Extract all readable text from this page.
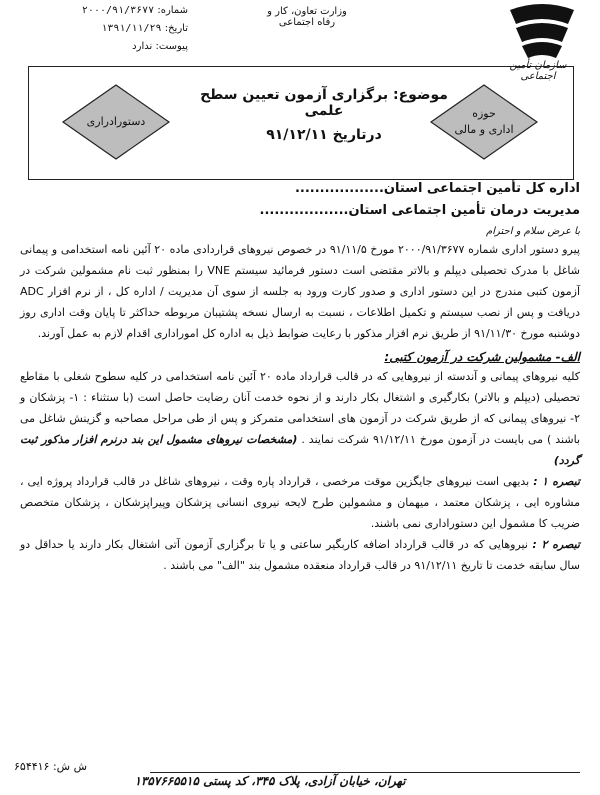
شماره: ۲۰۰۰/۹۱/۳۶۷۷
تاریخ: ۱۳۹۱/۱۱/۲۹
پیوست: ندارد
وزارت تعاون، کار و رفاه اجتماعی
سازمان تأمین اجتماعی
دستورادراری
موضوع: برگزاری آزمون تعیین سطح علمی
درتاریخ ۹۱/۱۲/۱۱
حوزه
اداری و مالی

اداره کل تأمین اجتماعی استان..................

مدیریت درمان تأمین اجتماعی استان..................

با عرض سلام و احترام

پیرو دستور اداری شماره ۲۰۰۰/۹۱/۳۶۷۷ مورخ ۹۱/۱۱/۵ در خصوص نیروهای قراردادی ماده ۲۰ آئین نامه استخدامی و پیمانی شاغل با مدرک تحصیلی دیپلم و بالاتر مقتضی است دستور فرمائید سیستم VNE را بمنظور ثبت نام مشمولین شرکت در آزمون کتبی مندرج در این دستور اداری و صدور کارت ورود به جلسه از سوی آن مدیریت / اداره کل ، از نرم افزار ADC دریافت و پس از نصب سیستم و تکمیل اطلاعات ، نسبت به ارسال نسخه پشتیبان مربوطه حداکثر تا پایان وقت اداری روز دوشنبه مورخ ۹۱/۱۱/۳۰ از طریق نرم افزار مذکور با رعایت ضوابط ذیل به اداره کل اموراداری اقدام لازم به عمل آورند.

الف- مشمولین شرکت در آزمون کتبی:

کلیه نیروهای پیمانی و آندسته از نیروهایی که در قالب قرارداد ماده ۲۰ آئین نامه استخدامی در کلیه سطوح شغلی با مقاطع تحصیلی (دیپلم و بالاتر) بکارگیری و اشتغال بکار دارند و از نحوه خدمت آنان رضایت حاصل است (با ستثناء : ۱- پزشکان و ۲- نیروهای پیمانی که از طریق شرکت در آزمون های استخدامی متمرکز و پس از طی مراحل مصاحبه و گزینش شاغل می باشند ) می بایست در آزمون مورخ ۹۱/۱۲/۱۱ شرکت نمایند . (مشخصات نیروهای مشمول این بند درنرم افزار مذکور ثبت گردد)

تبصره ۱ : بدیهی است نیروهای جایگزین موقت مرخصی ، قرارداد پاره وقت ، نیروهای شاغل در قالب قرارداد پروژه ایی ، مشاوره ایی ، پزشکان معتمد ، میهمان و مشمولین طرح لایحه نیروی انسانی پزشکان وپیراپزشکان ، پزشکان متخصص ضریب کا مشمول این دستوراداری نمی باشند.

تبصره ۲ : نیروهایی که در قالب قرارداد اضافه کاربگیر ساعتی و یا تا برگزاری آزمون آتی اشتغال بکار دارند یا حداقل دو سال سابقه خدمت تا تاریخ ۹۱/۱۲/۱۱ در قالب قرارداد منعقده مشمول بند "الف" می باشند .

ش ش: ۶۵۴۴۱۶
تهران، خیابان آزادی، پلاک ۳۴۵، کد پستی ۱۳۵۷۶۶۵۵۱۵
